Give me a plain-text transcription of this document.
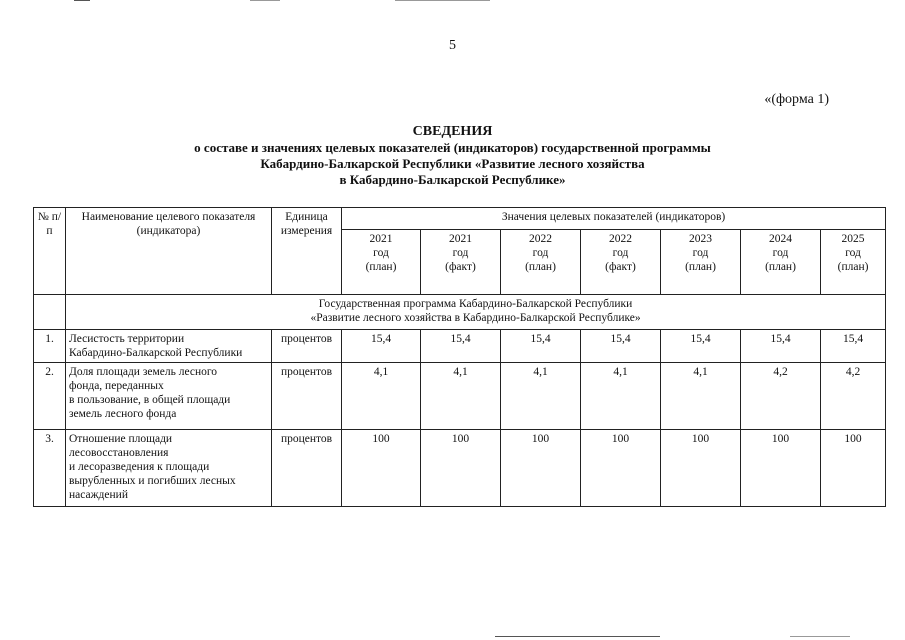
5
«(форма 1)
СВЕДЕНИЯ
о составе и значениях целевых показателей (индикаторов) государственной программы
Кабардино-Балкарской Республики «Развитие лесного хозяйства
в Кабардино-Балкарской Республике»
№ п/п	Наименование целевого показателя (индикатора)	Единица измерения	Значения целевых показателей (индикаторов)						

			2021
год
(план)	2021
год
(факт)	2022
год
(план)	2022
год
(факт)	2023
год
(план)	2024
год
(план)	2025
год
(план)

	Государственная программа Кабардино-Балкарской Республики
«Развитие лесного хозяйства в Кабардино-Балкарской Республике»								

1.	Лесистость территории
Кабардино-Балкарской Республики	процентов	15,4	15,4	15,4	15,4	15,4	15,4	15,4
2.	Доля площади земель лесного
фонда, переданных
в пользование, в общей площади
земель лесного фонда	процентов	4,1	4,1	4,1	4,1	4,1	4,2	4,2
3.	Отношение площади
лесовосстановления
и лесоразведения к площади
вырубленных и погибших лесных
насаждений	процентов	100	100	100	100	100	100	100
